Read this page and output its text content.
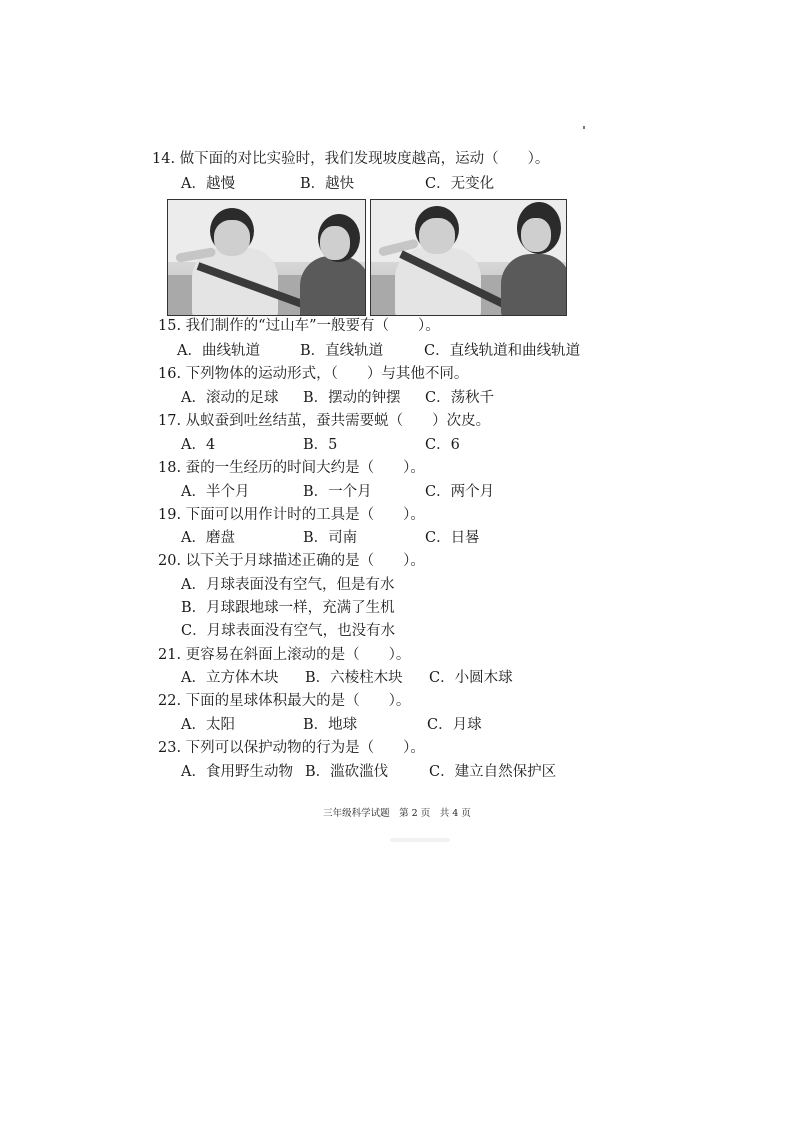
14. 做下面的对比实验时，我们发现坡度越高，运动（　　）。
A．越慢	B．越快	C．无变化
15. 我们制作的“过山车”一般要有（　　）。
A．曲线轨道	B．直线轨道	C．直线轨道和曲线轨道
16. 下列物体的运动形式，（　　）与其他不同。
A．滚动的足球 B．摆动的钟摆 C．荡秋千
17. 从蚁蚕到吐丝结茧，蚕共需要蜕（　　）次皮。
A．4	B．5	C．6
18. 蚕的一生经历的时间大约是（　　）。
A．半个月	B．一个月	C．两个月
19. 下面可以用作计时的工具是（　　）。
A．磨盘	B．司南	C．日晷
20. 以下关于月球描述正确的是（　　）。
A．月球表面没有空气，但是有水
B．月球跟地球一样，充满了生机
C．月球表面没有空气，也没有水
21. 更容易在斜面上滚动的是（　　）。
A．立方体木块 B．六棱柱木块 C．小圆木球
22. 下面的星球体积最大的是（　　）。
A．太阳	B．地球	C．月球
23. 下列可以保护动物的行为是（　　）。
A．食用野生动物 B．滥砍滥伐	C．建立自然保护区
三年级科学试题　第 2 页　共 4 页
